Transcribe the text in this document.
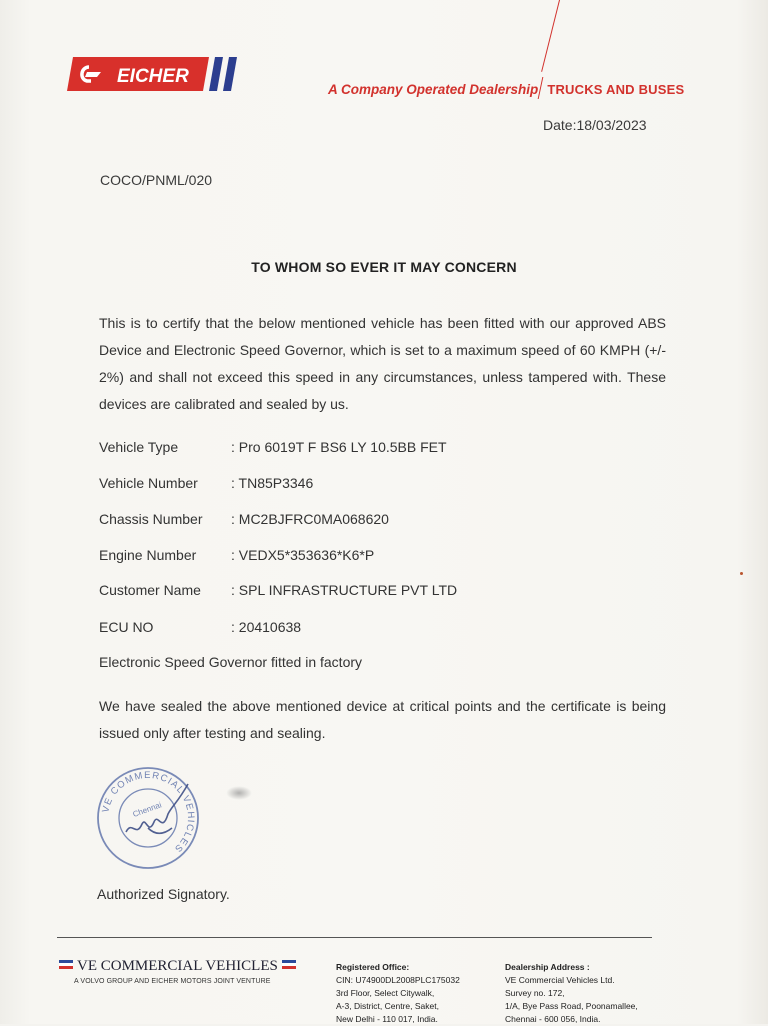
EICHER
A Company Operated Dealership TRUCKS AND BUSES
Date:18/03/2023
COCO/PNML/020
TO WHOM SO EVER IT MAY CONCERN
This is to certify that the below mentioned vehicle has been fitted with our approved ABS Device and Electronic Speed Governor, which is set to a maximum speed of 60 KMPH (+/- 2%) and shall not exceed this speed in any circumstances, unless tampered with. These devices are calibrated and sealed by us.
Vehicle Type	: Pro 6019T F BS6 LY 10.5BB FET
Vehicle Number : TN85P3346
Chassis Number : MC2BJFRC0MA068620
Engine Number : VEDX5*353636*K6*P
Customer Name : SPL INFRASTRUCTURE PVT LTD
ECU NO	: 20410638
Electronic Speed Governor fitted in factory
We have sealed the above mentioned device at critical points and the certificate is being issued only after testing and sealing.
VE COMMERCIAL VEHICLES
Chennai
Authorized Signatory.
VE COMMERCIAL VEHICLES
A VOLVO GROUP AND EICHER MOTORS JOINT VENTURE
Registered Office:
CIN: U74900DL2008PLC175032
3rd Floor, Select Citywalk,
A-3, District, Centre, Saket,
New Delhi - 110 017, India.
Dealership Address :
VE Commercial Vehicles Ltd.
Survey no. 172,
1/A, Bye Pass Road, Poonamallee,
Chennai - 600 056, India.
